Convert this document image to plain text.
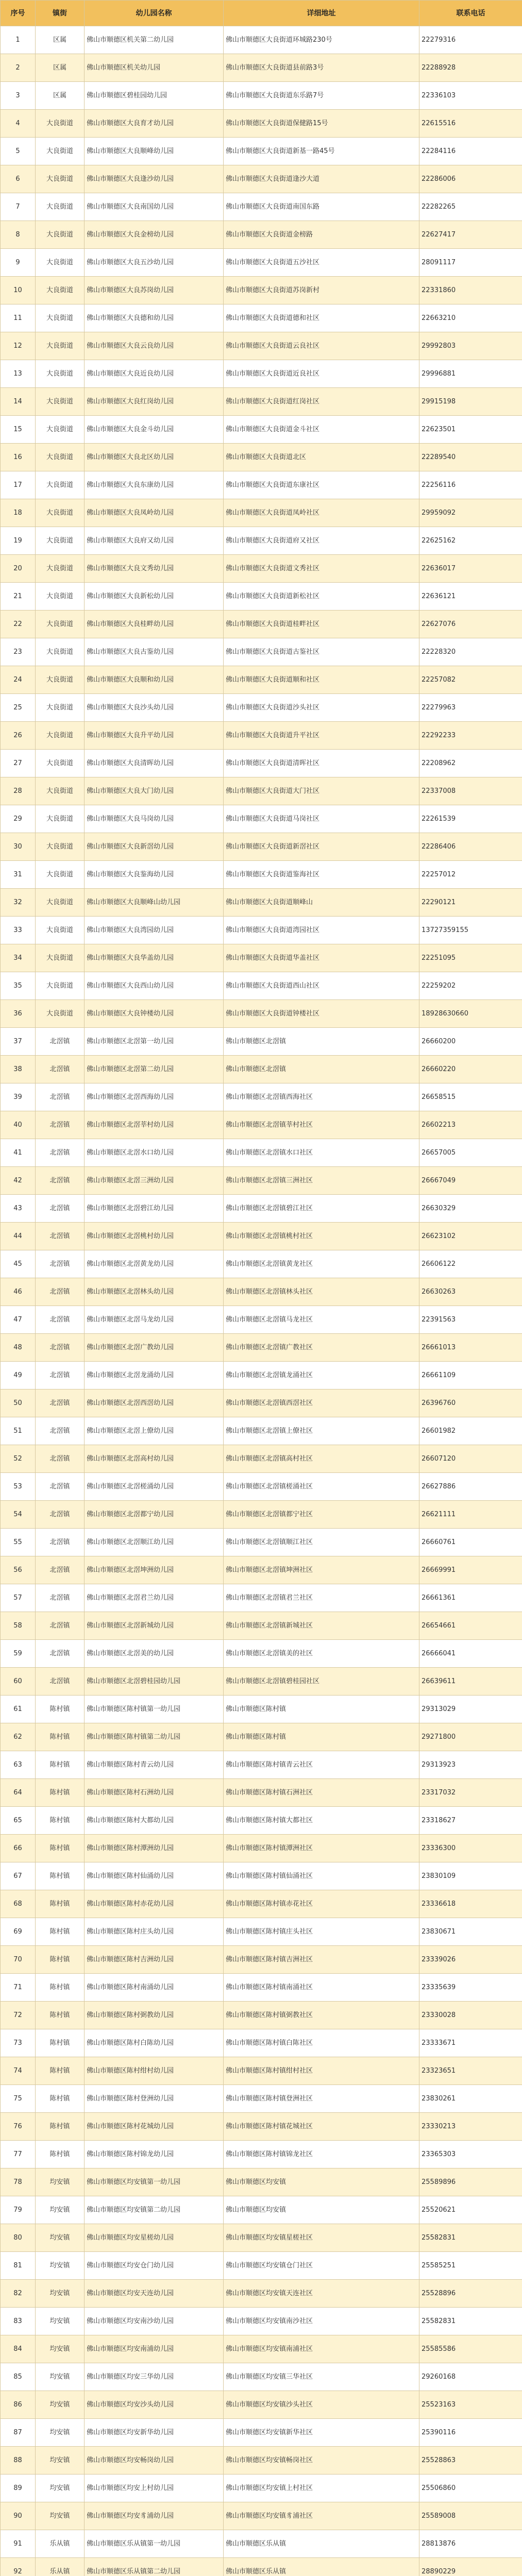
序号	镇街	幼儿园名称	详细地址	联系电话
1	区属	佛山市顺德区机关第二幼儿园	佛山市顺德区大良街道环城路230号	22279316
2	区属	佛山市顺德区机关幼儿园	佛山市顺德区大良街道县前路3号	22288928
3	区属	佛山市顺德区碧桂园幼儿园	佛山市顺德区大良街道东乐路7号	22336103
4	大良街道	佛山市顺德区大良育才幼儿园	佛山市顺德区大良街道保健路15号	22615516
5	大良街道	佛山市顺德区大良顺峰幼儿园	佛山市顺德区大良街道新基一路45号	22284116
6	大良街道	佛山市顺德区大良逢沙幼儿园	佛山市顺德区大良街道逢沙大道	22286006
7	大良街道	佛山市顺德区大良南国幼儿园	佛山市顺德区大良街道南国东路	22282265
8	大良街道	佛山市顺德区大良金榜幼儿园	佛山市顺德区大良街道金榜路	22627417
9	大良街道	佛山市顺德区大良五沙幼儿园	佛山市顺德区大良街道五沙社区	28091117
10	大良街道	佛山市顺德区大良苏岗幼儿园	佛山市顺德区大良街道苏岗新村	22331860
11	大良街道	佛山市顺德区大良德和幼儿园	佛山市顺德区大良街道德和社区	22663210
12	大良街道	佛山市顺德区大良云良幼儿园	佛山市顺德区大良街道云良社区	29992803
13	大良街道	佛山市顺德区大良近良幼儿园	佛山市顺德区大良街道近良社区	29996881
14	大良街道	佛山市顺德区大良红岗幼儿园	佛山市顺德区大良街道红岗社区	29915198
15	大良街道	佛山市顺德区大良金斗幼儿园	佛山市顺德区大良街道金斗社区	22623501
16	大良街道	佛山市顺德区大良北区幼儿园	佛山市顺德区大良街道北区	22289540
17	大良街道	佛山市顺德区大良东康幼儿园	佛山市顺德区大良街道东康社区	22256116
18	大良街道	佛山市顺德区大良凤岭幼儿园	佛山市顺德区大良街道凤岭社区	29959092
19	大良街道	佛山市顺德区大良府又幼儿园	佛山市顺德区大良街道府又社区	22625162
20	大良街道	佛山市顺德区大良文秀幼儿园	佛山市顺德区大良街道文秀社区	22636017
21	大良街道	佛山市顺德区大良新松幼儿园	佛山市顺德区大良街道新松社区	22636121
22	大良街道	佛山市顺德区大良桂畔幼儿园	佛山市顺德区大良街道桂畔社区	22627076
23	大良街道	佛山市顺德区大良古鉴幼儿园	佛山市顺德区大良街道古鉴社区	22228320
24	大良街道	佛山市顺德区大良顺和幼儿园	佛山市顺德区大良街道顺和社区	22257082
25	大良街道	佛山市顺德区大良沙头幼儿园	佛山市顺德区大良街道沙头社区	22279963
26	大良街道	佛山市顺德区大良升平幼儿园	佛山市顺德区大良街道升平社区	22292233
27	大良街道	佛山市顺德区大良清晖幼儿园	佛山市顺德区大良街道清晖社区	22208962
28	大良街道	佛山市顺德区大良大门幼儿园	佛山市顺德区大良街道大门社区	22337008
29	大良街道	佛山市顺德区大良马岗幼儿园	佛山市顺德区大良街道马岗社区	22261539
30	大良街道	佛山市顺德区大良新滘幼儿园	佛山市顺德区大良街道新滘社区	22286406
31	大良街道	佛山市顺德区大良鉴海幼儿园	佛山市顺德区大良街道鉴海社区	22257012
32	大良街道	佛山市顺德区大良顺峰山幼儿园	佛山市顺德区大良街道顺峰山	22290121
33	大良街道	佛山市顺德区大良湾园幼儿园	佛山市顺德区大良街道湾园社区	13727359155
34	大良街道	佛山市顺德区大良华盖幼儿园	佛山市顺德区大良街道华盖社区	22251095
35	大良街道	佛山市顺德区大良西山幼儿园	佛山市顺德区大良街道西山社区	22259202
36	大良街道	佛山市顺德区大良钟楼幼儿园	佛山市顺德区大良街道钟楼社区	18928630660
37	北滘镇	佛山市顺德区北滘第一幼儿园	佛山市顺德区北滘镇	26660200
38	北滘镇	佛山市顺德区北滘第二幼儿园	佛山市顺德区北滘镇	26660220
39	北滘镇	佛山市顺德区北滘西海幼儿园	佛山市顺德区北滘镇西海社区	26658515
40	北滘镇	佛山市顺德区北滘莘村幼儿园	佛山市顺德区北滘镇莘村社区	26602213
41	北滘镇	佛山市顺德区北滘水口幼儿园	佛山市顺德区北滘镇水口社区	26657005
42	北滘镇	佛山市顺德区北滘三洲幼儿园	佛山市顺德区北滘镇三洲社区	26667049
43	北滘镇	佛山市顺德区北滘碧江幼儿园	佛山市顺德区北滘镇碧江社区	26630329
44	北滘镇	佛山市顺德区北滘桃村幼儿园	佛山市顺德区北滘镇桃村社区	26623102
45	北滘镇	佛山市顺德区北滘黄龙幼儿园	佛山市顺德区北滘镇黄龙社区	26606122
46	北滘镇	佛山市顺德区北滘林头幼儿园	佛山市顺德区北滘镇林头社区	26630263
47	北滘镇	佛山市顺德区北滘马龙幼儿园	佛山市顺德区北滘镇马龙社区	22391563
48	北滘镇	佛山市顺德区北滘广教幼儿园	佛山市顺德区北滘镇广教社区	26661013
49	北滘镇	佛山市顺德区北滘龙涌幼儿园	佛山市顺德区北滘镇龙涌社区	26661109
50	北滘镇	佛山市顺德区北滘西滘幼儿园	佛山市顺德区北滘镇西滘社区	26396760
51	北滘镇	佛山市顺德区北滘上僚幼儿园	佛山市顺德区北滘镇上僚社区	26601982
52	北滘镇	佛山市顺德区北滘高村幼儿园	佛山市顺德区北滘镇高村社区	26607120
53	北滘镇	佛山市顺德区北滘槎涌幼儿园	佛山市顺德区北滘镇槎涌社区	26627886
54	北滘镇	佛山市顺德区北滘都宁幼儿园	佛山市顺德区北滘镇都宁社区	26621111
55	北滘镇	佛山市顺德区北滘顺江幼儿园	佛山市顺德区北滘镇顺江社区	26660761
56	北滘镇	佛山市顺德区北滘坤洲幼儿园	佛山市顺德区北滘镇坤洲社区	26669991
57	北滘镇	佛山市顺德区北滘君兰幼儿园	佛山市顺德区北滘镇君兰社区	26661361
58	北滘镇	佛山市顺德区北滘新城幼儿园	佛山市顺德区北滘镇新城社区	26654661
59	北滘镇	佛山市顺德区北滘美的幼儿园	佛山市顺德区北滘镇美的社区	26666041
60	北滘镇	佛山市顺德区北滘碧桂园幼儿园	佛山市顺德区北滘镇碧桂园社区	26639611
61	陈村镇	佛山市顺德区陈村镇第一幼儿园	佛山市顺德区陈村镇	29313029
62	陈村镇	佛山市顺德区陈村镇第二幼儿园	佛山市顺德区陈村镇	29271800
63	陈村镇	佛山市顺德区陈村青云幼儿园	佛山市顺德区陈村镇青云社区	29313923
64	陈村镇	佛山市顺德区陈村石洲幼儿园	佛山市顺德区陈村镇石洲社区	23317032
65	陈村镇	佛山市顺德区陈村大都幼儿园	佛山市顺德区陈村镇大都社区	23318627
66	陈村镇	佛山市顺德区陈村潭洲幼儿园	佛山市顺德区陈村镇潭洲社区	23336300
67	陈村镇	佛山市顺德区陈村仙涌幼儿园	佛山市顺德区陈村镇仙涌社区	23830109
68	陈村镇	佛山市顺德区陈村赤花幼儿园	佛山市顺德区陈村镇赤花社区	23336618
69	陈村镇	佛山市顺德区陈村庄头幼儿园	佛山市顺德区陈村镇庄头社区	23830671
70	陈村镇	佛山市顺德区陈村吉洲幼儿园	佛山市顺德区陈村镇吉洲社区	23339026
71	陈村镇	佛山市顺德区陈村南涌幼儿园	佛山市顺德区陈村镇南涌社区	23335639
72	陈村镇	佛山市顺德区陈村弼教幼儿园	佛山市顺德区陈村镇弼教社区	23330028
73	陈村镇	佛山市顺德区陈村白陈幼儿园	佛山市顺德区陈村镇白陈社区	23333671
74	陈村镇	佛山市顺德区陈村绀村幼儿园	佛山市顺德区陈村镇绀村社区	23323651
75	陈村镇	佛山市顺德区陈村登洲幼儿园	佛山市顺德区陈村镇登洲社区	23830261
76	陈村镇	佛山市顺德区陈村花城幼儿园	佛山市顺德区陈村镇花城社区	23330213
77	陈村镇	佛山市顺德区陈村锦龙幼儿园	佛山市顺德区陈村镇锦龙社区	23365303
78	均安镇	佛山市顺德区均安镇第一幼儿园	佛山市顺德区均安镇	25589896
79	均安镇	佛山市顺德区均安镇第二幼儿园	佛山市顺德区均安镇	25520621
80	均安镇	佛山市顺德区均安星槎幼儿园	佛山市顺德区均安镇星槎社区	25582831
81	均安镇	佛山市顺德区均安仓门幼儿园	佛山市顺德区均安镇仓门社区	25585251
82	均安镇	佛山市顺德区均安天连幼儿园	佛山市顺德区均安镇天连社区	25528896
83	均安镇	佛山市顺德区均安南沙幼儿园	佛山市顺德区均安镇南沙社区	25582831
84	均安镇	佛山市顺德区均安南浦幼儿园	佛山市顺德区均安镇南浦社区	25585586
85	均安镇	佛山市顺德区均安三华幼儿园	佛山市顺德区均安镇三华社区	29260168
86	均安镇	佛山市顺德区均安沙头幼儿园	佛山市顺德区均安镇沙头社区	25523163
87	均安镇	佛山市顺德区均安新华幼儿园	佛山市顺德区均安镇新华社区	25390116
88	均安镇	佛山市顺德区均安畅岗幼儿园	佛山市顺德区均安镇畅岗社区	25528863
89	均安镇	佛山市顺德区均安上村幼儿园	佛山市顺德区均安镇上村社区	25506860
90	均安镇	佛山市顺德区均安豸浦幼儿园	佛山市顺德区均安镇豸浦社区	25589008
91	乐从镇	佛山市顺德区乐从镇第一幼儿园	佛山市顺德区乐从镇	28813876
92	乐从镇	佛山市顺德区乐从镇第二幼儿园	佛山市顺德区乐从镇	28890229
